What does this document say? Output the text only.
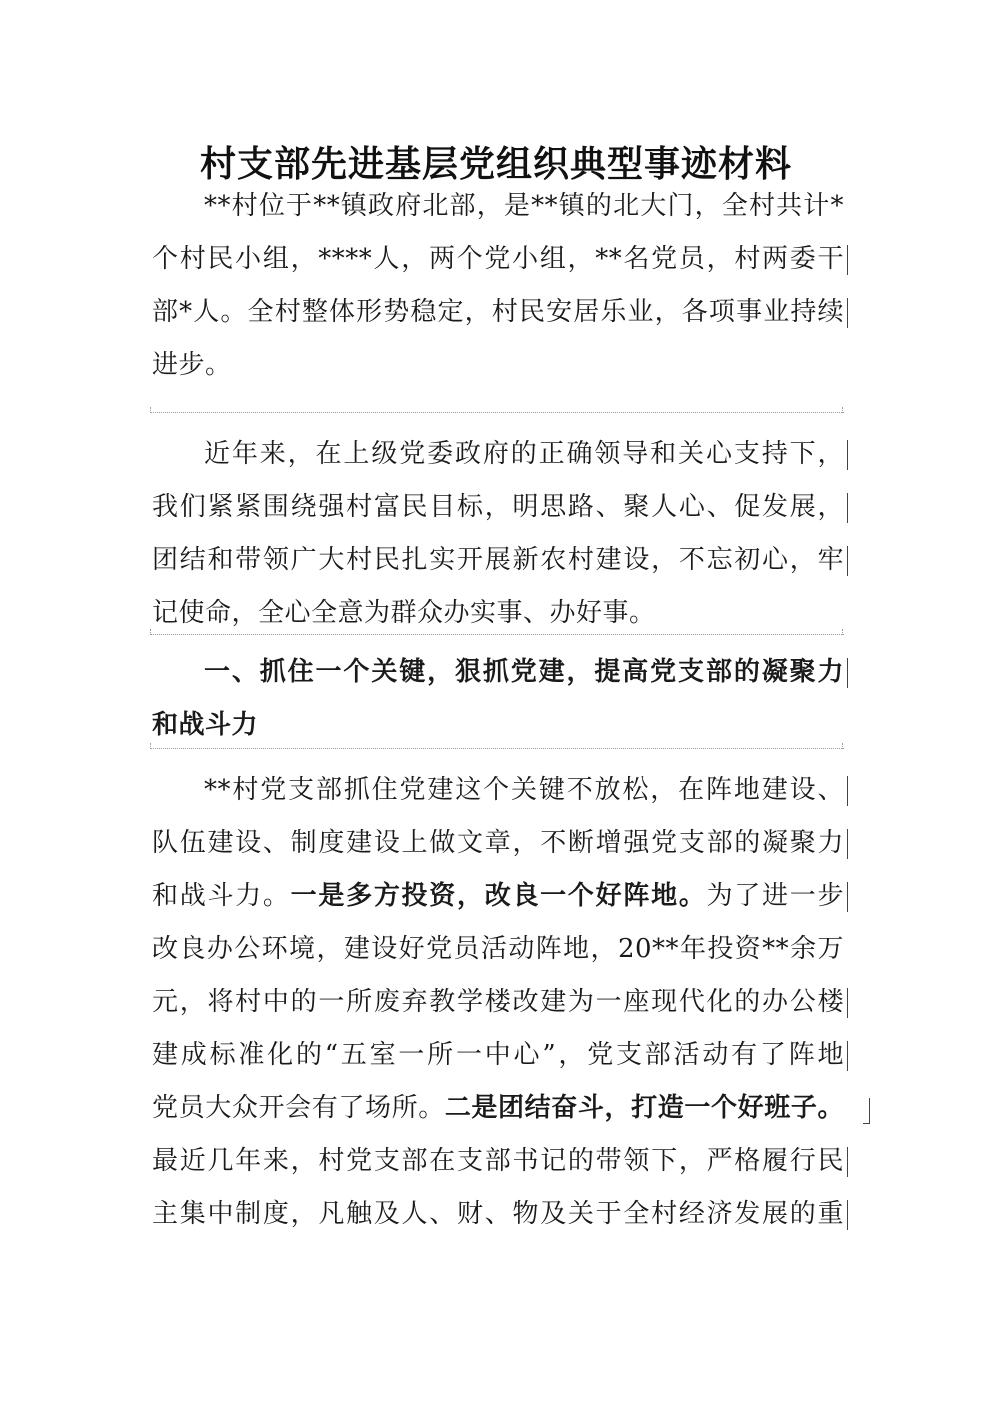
村支部先进基层党组织典型事迹材料
**村位于**镇政府北部，是**镇的北大门，全村共计*
个村民小组，****人，两个党小组，**名党员，村两委干
部*人。全村整体形势稳定，村民安居乐业，各项事业持续
进步。
近年来，在上级党委政府的正确领导和关心支持下，
我们紧紧围绕强村富民目标，明思路、聚人心、促发展，
团结和带领广大村民扎实开展新农村建设，不忘初心，牢
记使命，全心全意为群众办实事、办好事。
一、抓住一个关键，狠抓党建，提高党支部的凝聚力
和战斗力
**村党支部抓住党建这个关键不放松，在阵地建设、
队伍建设、制度建设上做文章，不断增强党支部的凝聚力
和战斗力。一是多方投资，改良一个好阵地。为了进一步
改良办公环境，建设好党员活动阵地，20**年投资**余万
元，将村中的一所废弃教学楼改建为一座现代化的办公楼
建成标准化的“五室一所一中心”，党支部活动有了阵地
党员大众开会有了场所。二是团结奋斗，打造一个好班子。
最近几年来，村党支部在支部书记的带领下，严格履行民
主集中制度，凡触及人、财、物及关于全村经济发展的重
